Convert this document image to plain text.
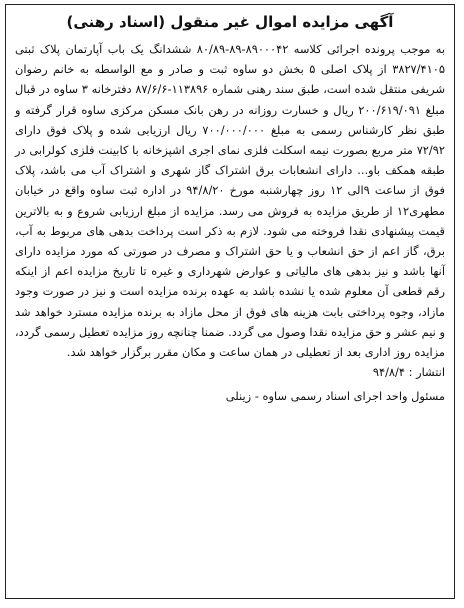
آگهی مزایده اموال غیر منقول (اسناد رهنی)

به موجب پرونده اجرائی کلاسه ۸۹۰۰۰۴۲-۸۹-۸۰/۸۹ ششدانگ یک باب آپارتمان پلاک ثبتی ۳۸۲۷/۴۱۰۵ از پلاک اصلی ۵ بخش دو ساوه ثبت و صادر و مع الواسطه به خانم رضوان شریفی منتقل شده است، طبق سند رهنی شماره ۱۱۳۸۹۶-۸۷/۶/۶ دفترخانه ۳ ساوه در قبال مبلغ ۲۰۰/۶۱۹/۰۹۱ ریال و خسارت روزانه در رهن بانک مسکن مرکزی ساوه قرار گرفته و طبق نظر کارشناس رسمی به مبلغ ۷۰۰/۰۰۰/۰۰۰ ریال ارزیابی شده و پلاک فوق دارای ۷۲/۹۲ متر مربع بصورت نیمه اسکلت فلزی نمای اجری اشپزخانه با کابینت فلزی کولرابی در طبقه همکف باو... دارای انشعابات برق اشتراک گاز شهری و اشتراک آب می باشد، پلاک فوق از ساعت ۹الی ۱۲ روز چهارشنبه مورخ ۹۴/۸/۲۰ در اداره ثبت ساوه واقع در خیابان مطهری۱۲ از طریق مزایده به فروش می رسد. مزایده از مبلغ ارزیابی شروع و به بالاترین قیمت پیشنهادی نقدا فروخته می شود. لازم به ذکر است پرداخت بدهی های مربوط به آب، برق، گاز اعم از حق انشعاب و یا حق اشتراک و مصرف در صورتی که مورد مزایده دارای آنها باشد و نیز بدهی های مالیاتی و عوارض شهرداری و غیره تا تاریخ مزایده اعم از اینکه رقم قطعی آن معلوم شده یا نشده باشد به عهده برنده مزایده است و نیز در صورت وجود مازاد، وجوه پرداختی بابت هزینه های فوق از محل مازاد به برنده مزایده مسترد خواهد شد و نیم عشر و حق مزایده نقدا وصول می گردد. ضمنا چنانچه روز مزایده تعطیل رسمی گردد، مزایده روز اداری بعد از تعطیلی در همان ساعت و مکان مقرر برگزار خواهد شد.

انتشار : ۹۴/۸/۴
مسئول واحد اجرای اسناد رسمی ساوه - زینلی
